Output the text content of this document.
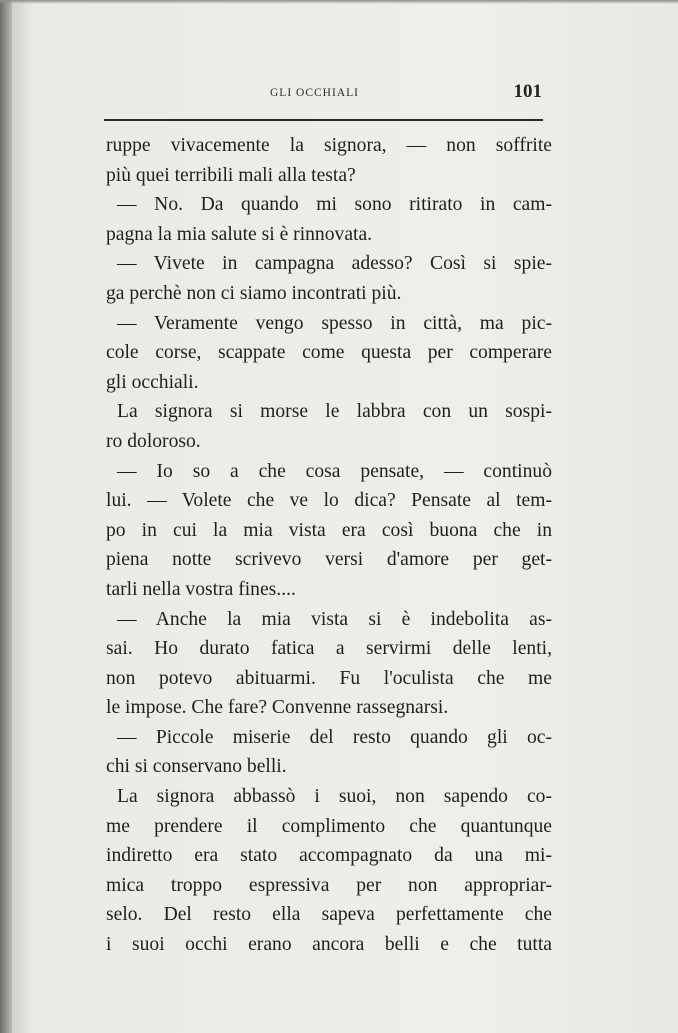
GLI OCCHIALI	101
ruppe vivacemente la signora, — non soffrite
più quei terribili mali alla testa?
— No. Da quando mi sono ritirato in cam-
pagna la mia salute si è rinnovata.
— Vivete in campagna adesso? Così si spie-
ga perchè non ci siamo incontrati più.
— Veramente vengo spesso in città, ma pic-
cole corse, scappate come questa per comperare
gli occhiali.
La signora si morse le labbra con un sospi-
ro doloroso.
— Io so a che cosa pensate, — continuò
lui. — Volete che ve lo dica? Pensate al tem-
po in cui la mia vista era così buona che in
piena notte scrivevo versi d'amore per get-
tarli nella vostra fines....
— Anche la mia vista si è indebolita as-
sai. Ho durato fatica a servirmi delle lenti,
non potevo abituarmi. Fu l'oculista che me
le impose. Che fare? Convenne rassegnarsi.
— Piccole miserie del resto quando gli oc-
chi si conservano belli.
La signora abbassò i suoi, non sapendo co-
me prendere il complimento che quantunque
indiretto era stato accompagnato da una mi-
mica troppo espressiva per non appropriar-
selo. Del resto ella sapeva perfettamente che
i suoi occhi erano ancora belli e che tutta
